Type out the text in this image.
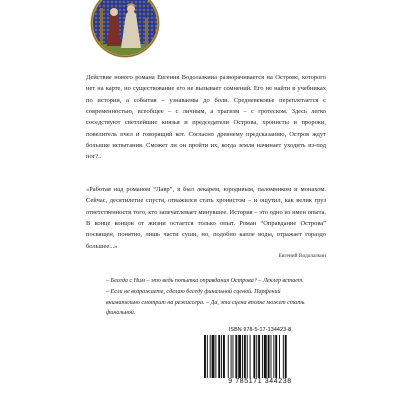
Действие нового романа Евгения Водолазкина разворачивается на Острове, которого нет на карте, но существование его не вызывает сомнений. Его не найти в учебниках по истории, а события – узнаваемы до боли. Средневековье переплетается с современностью, всеобщее – с личным, а трагизм – с гротеском. Здесь легко соседствуют светлейшие князья и председатели Острова, хронисты и пророки, повелитель пчел и говорящий кот. Согласно древнему предсказанию, Остров ждут большие испытания. Сможет ли он пройти их, когда земля начинает уходить из-под ног?..
«Работая над романом “Лавр”, я был лекарем, юродивым, паломником и монахом. Сейчас, десятилетие спустя, отважился стать хронистом – и ощутил, как велик груз ответственности того, кто запечатлевает минувшее. История – это одно из имен опыта. В конце концов от жизни остается только опыт. Роман “Оправдание Острова” посвящен, понятно, лишь части суши, но, подобно капле воды, отражает гораздо большее...»
Евгений Водолазкин
– Беседа с Ним – это ведь попытка оправдания Острова? – Леклер встает. – Если не возражаете, сделаю беседу финальной сценой. Парфений внимательно смотрит на режиссера. – Да, эта сцена вполне может стать финальной.
ISBN 978-5-17-134423-8
9 785171 344238
